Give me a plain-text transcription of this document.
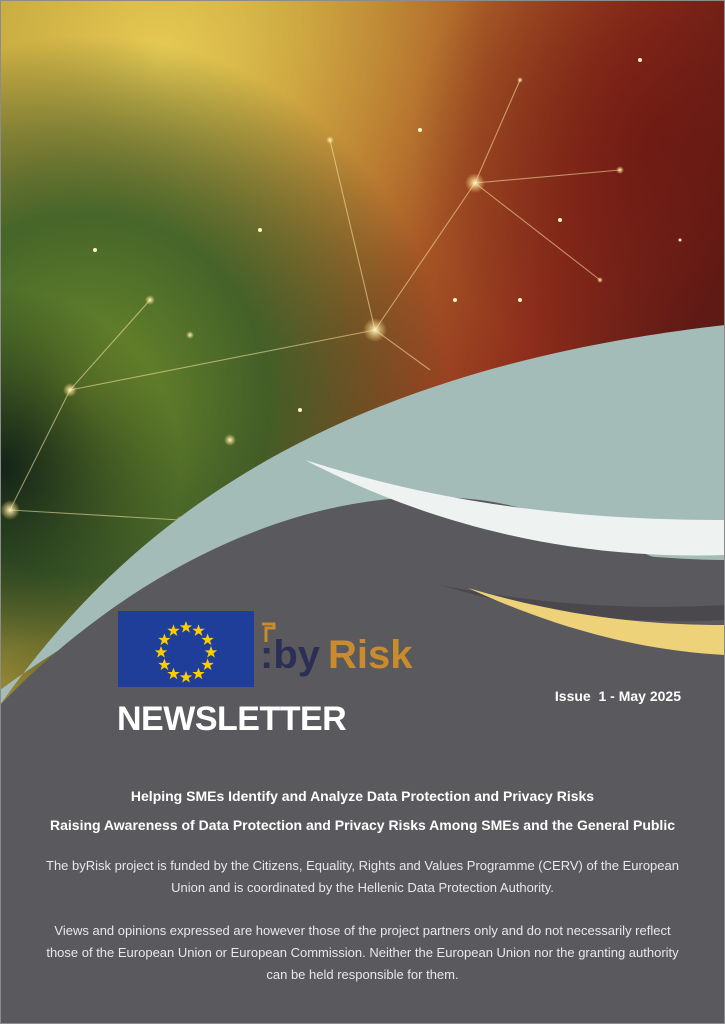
:by Risk
Issue  1 - May 2025
NEWSLETTER

Helping SMEs Identify and Analyze Data Protection and Privacy Risks

Raising Awareness of Data Protection and Privacy Risks Among SMEs and the General Public

The byRisk project is funded by the Citizens, Equality, Rights and Values Programme (CERV) of the European Union and is coordinated by the Hellenic Data Protection Authority.

Views and opinions expressed are however those of the project partners only and do not necessarily reflect those of the European Union or European Commission. Neither the European Union nor the granting authority can be held responsible for them.
